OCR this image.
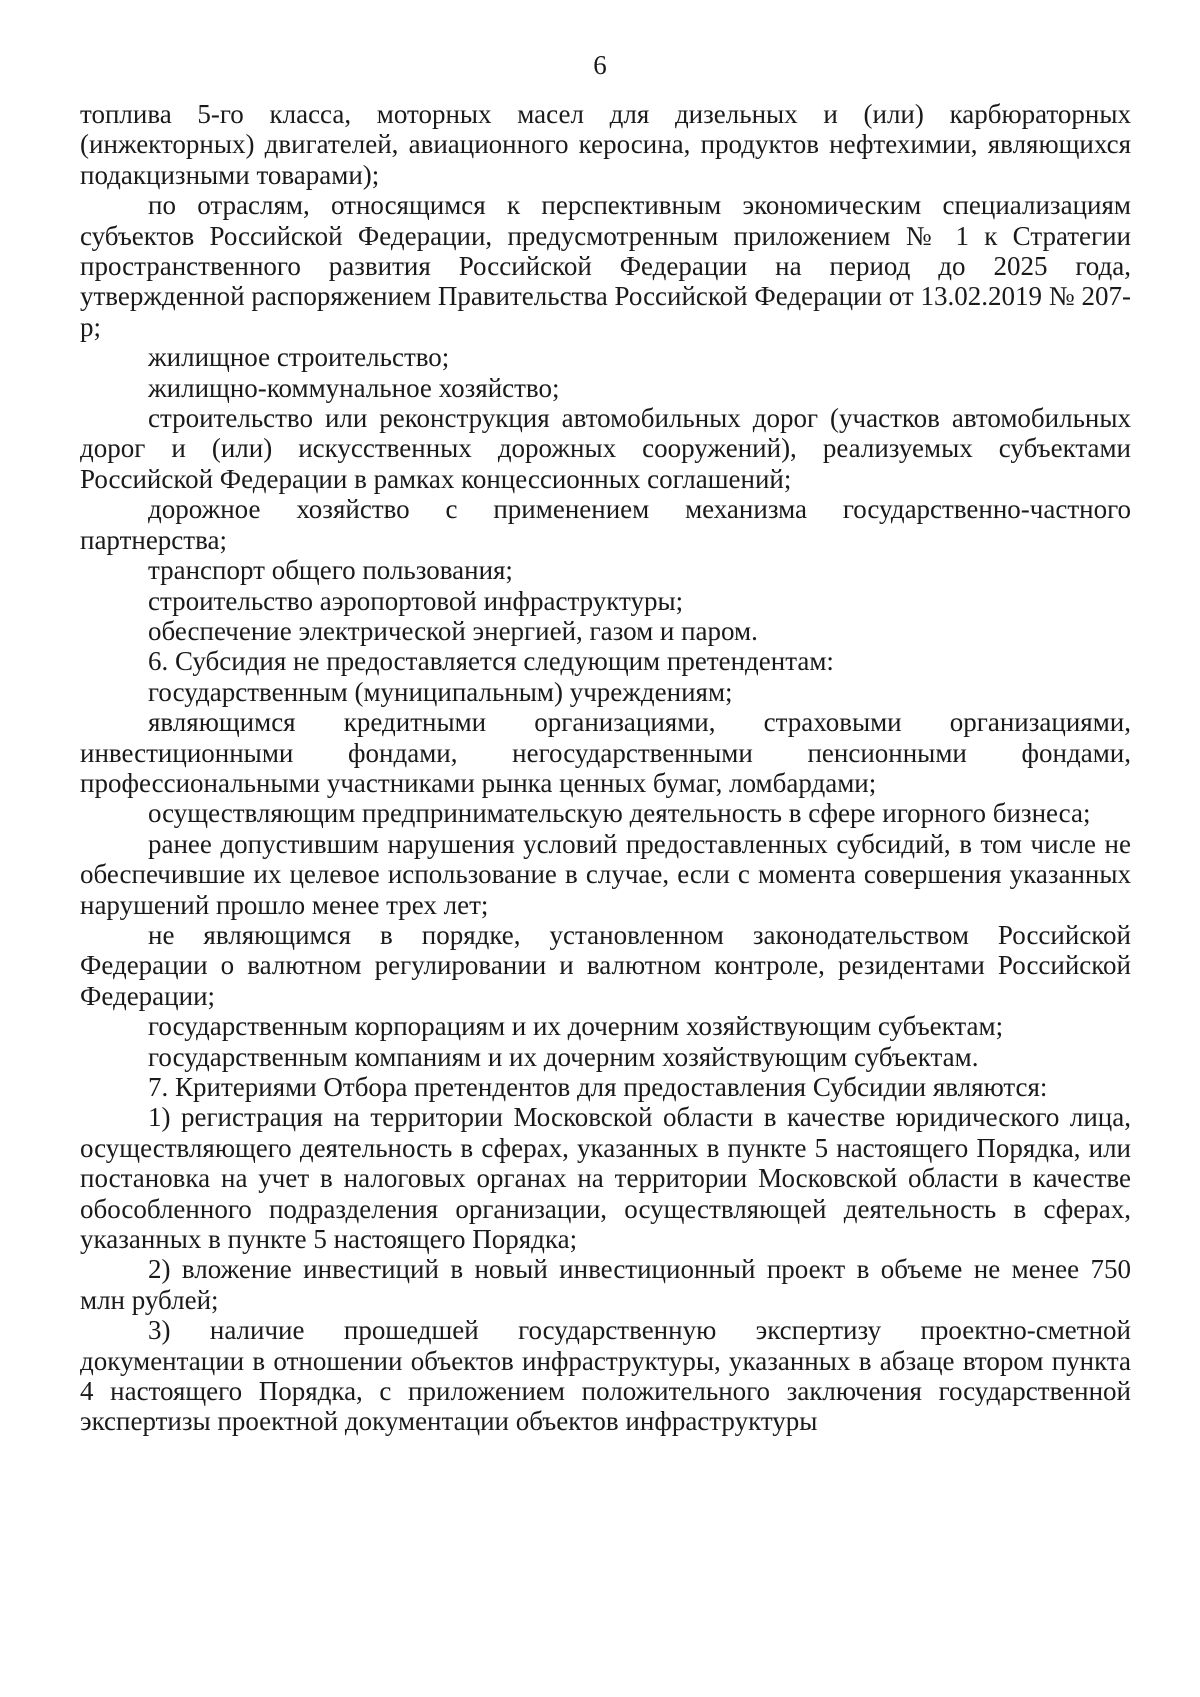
6

топлива 5-го класса, моторных масел для дизельных и (или) карбюраторных (инжекторных) двигателей, авиационного керосина, продуктов нефтехимии, являющихся подакцизными товарами);

по отраслям, относящимся к перспективным экономическим специализациям субъектов Российской Федерации, предусмотренным приложением № 1 к Стратегии пространственного развития Российской Федерации на период до 2025 года, утвержденной распоряжением Правительства Российской Федерации от 13.02.2019 № 207-р;

жилищное строительство;

жилищно-коммунальное хозяйство;

строительство или реконструкция автомобильных дорог (участков автомобильных дорог и (или) искусственных дорожных сооружений), реализуемых субъектами Российской Федерации в рамках концессионных соглашений;

дорожное хозяйство с применением механизма государственно-частного партнерства;

транспорт общего пользования;

строительство аэропортовой инфраструктуры;

обеспечение электрической энергией, газом и паром.

6. Субсидия не предоставляется следующим претендентам:

государственным (муниципальным) учреждениям;

являющимся кредитными организациями, страховыми организациями, инвестиционными фондами, негосударственными пенсионными фондами, профессиональными участниками рынка ценных бумаг, ломбардами;

осуществляющим предпринимательскую деятельность в сфере игорного бизнеса;

ранее допустившим нарушения условий предоставленных субсидий, в том числе не обеспечившие их целевое использование в случае, если с момента совершения указанных нарушений прошло менее трех лет;

не являющимся в порядке, установленном законодательством Российской Федерации о валютном регулировании и валютном контроле, резидентами Российской Федерации;

государственным корпорациям и их дочерним хозяйствующим субъектам;

государственным компаниям и их дочерним хозяйствующим субъектам.

7. Критериями Отбора претендентов для предоставления Субсидии являются:

1) регистрация на территории Московской области в качестве юридического лица, осуществляющего деятельность в сферах, указанных в пункте 5 настоящего Порядка, или постановка на учет в налоговых органах на территории Московской области в качестве обособленного подразделения организации, осуществляющей деятельность в сферах, указанных в пункте 5 настоящего Порядка;

2) вложение инвестиций в новый инвестиционный проект в объеме не менее 750 млн рублей;

3) наличие прошедшей государственную экспертизу проектно-сметной документации в отношении объектов инфраструктуры, указанных в абзаце втором пункта 4 настоящего Порядка, с приложением положительного заключения государственной экспертизы проектной документации объектов инфраструктуры
